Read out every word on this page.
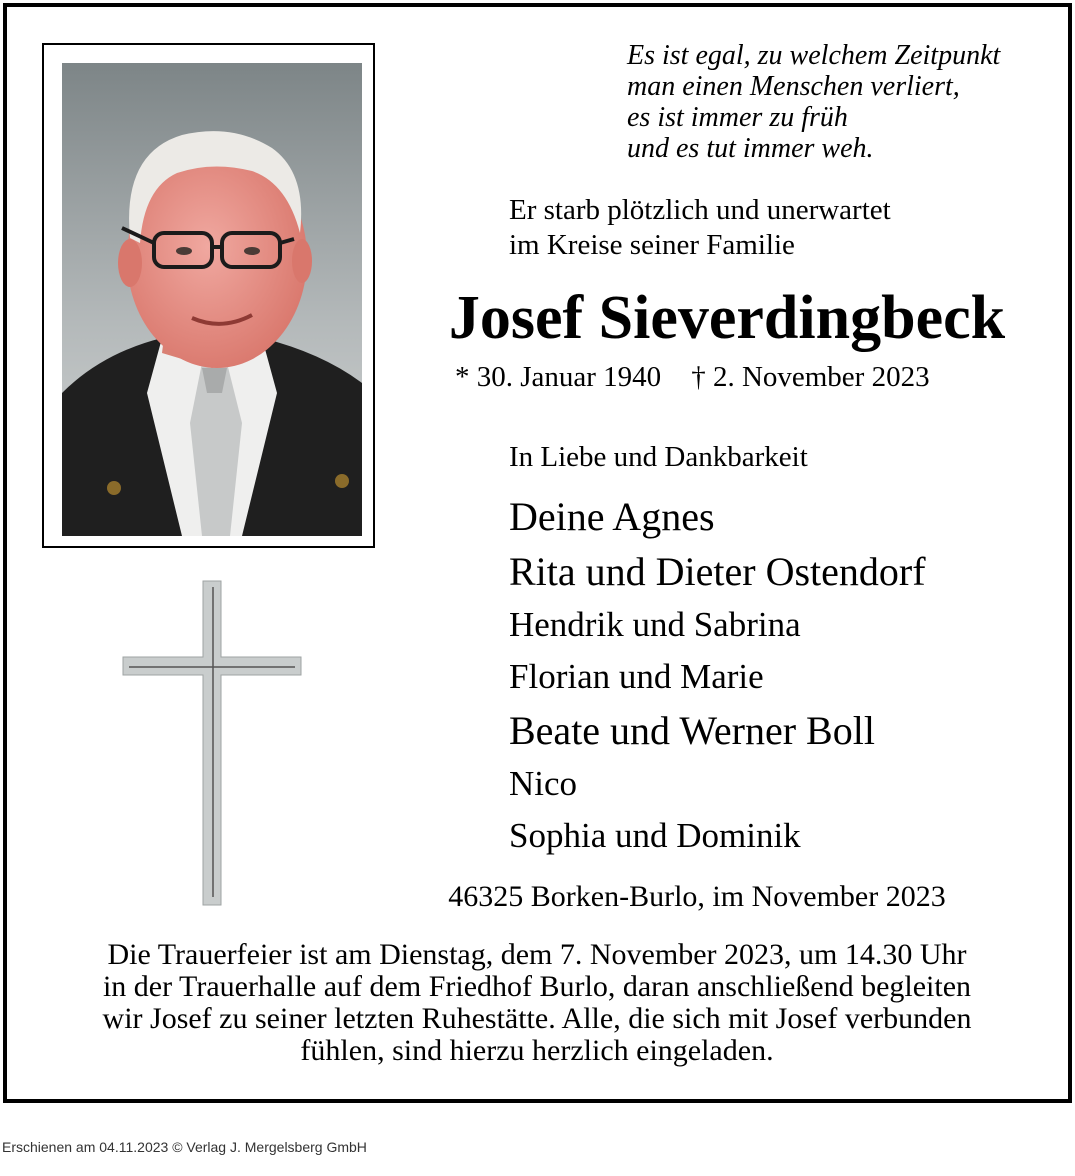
Es ist egal, zu welchem Zeitpunkt
man einen Menschen verliert,
es ist immer zu früh
und es tut immer weh.
Er starb plötzlich und unerwartet
im Kreise seiner Familie
Josef Sieverdingbeck
* 30. Januar 1940 † 2. November 2023
In Liebe und Dankbarkeit
Deine Agnes
Rita und Dieter Ostendorf
Hendrik und Sabrina
Florian und Marie
Beate und Werner Boll
Nico
Sophia und Dominik
46325 Borken-Burlo, im November 2023
Die Trauerfeier ist am Dienstag, dem 7. November 2023, um 14.30 Uhr
in der Trauerhalle auf dem Friedhof Burlo, daran anschließend begleiten
wir Josef zu seiner letzten Ruhestätte. Alle, die sich mit Josef verbunden
fühlen, sind hierzu herzlich eingeladen.
Erschienen am 04.11.2023 © Verlag J. Mergelsberg GmbH
